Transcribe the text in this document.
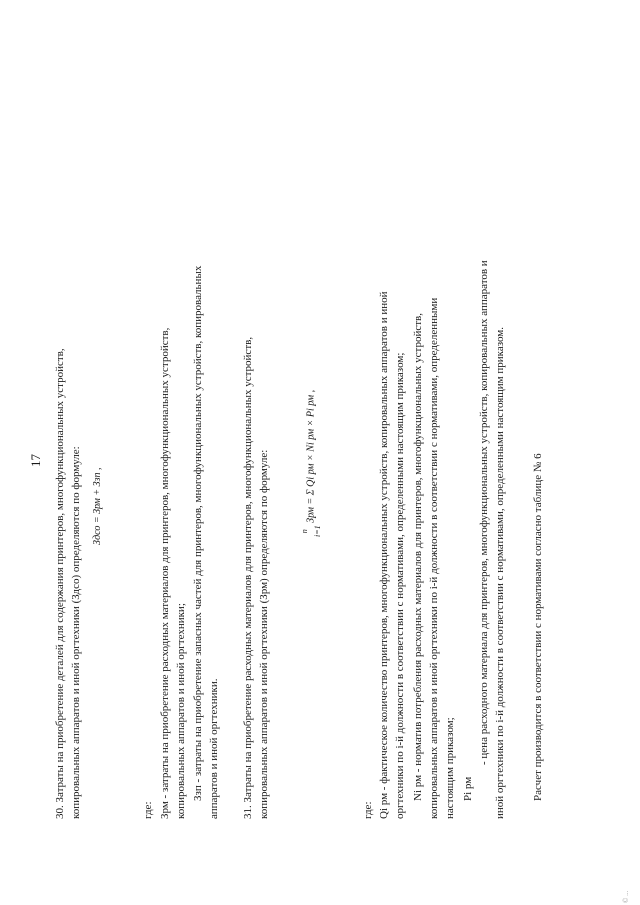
17 30. Затраты на приобретение деталей для содержания принтеров, многофункциональных устройств, копировальных аппаратов и иной оргтехники (Здсо) определяются по формуле: Здсо = Зрм + Ззп ,
где: Зрм - затраты на приобретение расходных материалов для принтеров, многофункциональных устройств, копировальных аппаратов и иной оргтехники; Ззп - затраты на приобретение запасных частей для принтеров, многофункциональных устройств, копировальных аппаратов и иной оргтехники. 31. Затраты на приобретение расходных материалов для принтеров, многофункциональных устройств, копировальных аппаратов и иной оргтехники (Зрм) определяются по формуле:	n i=1
Зрм = Σ Qi рм × Ni рм × Pi рм ,
где: Qi рм - фактическое количество принтеров, многофункциональных устройств, копировальных аппаратов и иной оргтехники по i-й должности в соответствии с нормативами, определенными настоящим приказом; Ni рм - норматив потребления расходных материалов для принтеров, многофункциональных устройств, копировальных аппаратов и иной оргтехники по i-й должности в соответствии с нормативами, определенными настоящим приказом; Pi рм
- цена расходного материала для принтеров, многофункциональных устройств, копировальных аппаратов и иной оргтехники по i-й должности в соответствии с нормативами, определенными настоящим приказом. Расчет производится в соответствии с нормативами согласно таблице № 6
© ...
